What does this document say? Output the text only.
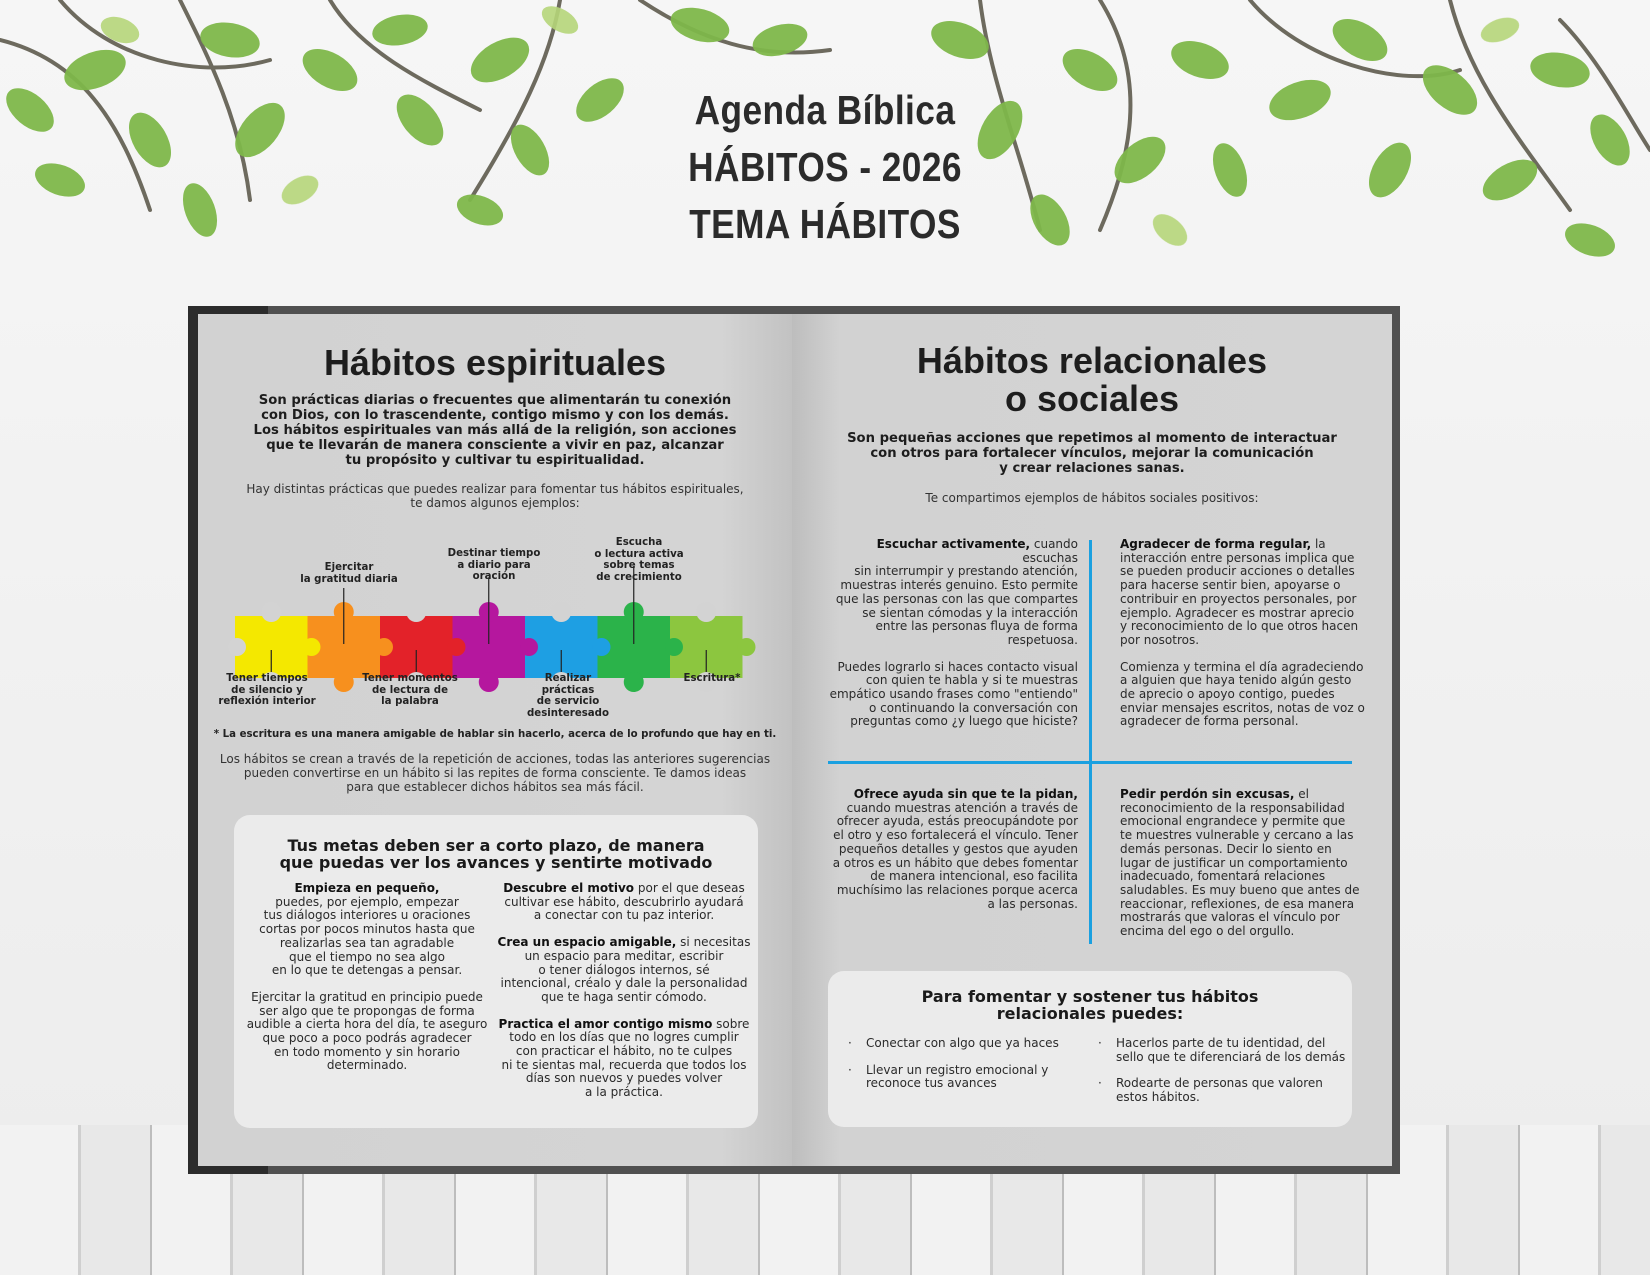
Agenda Bíblica
HÁBITOS - 2026
TEMA HÁBITOS
Hábitos espirituales
Son prácticas diarias o frecuentes que alimentarán tu conexión
con Dios, con lo trascendente, contigo mismo y con los demás.
Los hábitos espirituales van más allá de la religión, son acciones
que te llevarán de manera consciente a vivir en paz, alcanzar
tu propósito y cultivar tu espiritualidad.
Hay distintas prácticas que puedes realizar para fomentar tus hábitos espirituales,
te damos algunos ejemplos:
Ejercitar
la gratitud diaria
Destinar tiempo
a diario para
oración
Escucha
o lectura activa
sobre temas
de crecimiento
Tener tiempos
de silencio y
reflexión interior
Tener momentos
de lectura de
la palabra
Realizar
prácticas
de servicio
desinteresado
Escritura*
* La escritura es una manera amigable de hablar sin hacerlo, acerca de lo profundo que hay en ti.
Los hábitos se crean a través de la repetición de acciones, todas las anteriores sugerencias
pueden convertirse en un hábito si las repites de forma consciente. Te damos ideas
para que establecer dichos hábitos sea más fácil.
Tus metas deben ser a corto plazo, de manera
que puedas ver los avances y sentirte motivado

Empieza en pequeño,
puedes, por ejemplo, empezar
tus diálogos interiores u oraciones
cortas por pocos minutos hasta que
realizarlas sea tan agradable
que el tiempo no sea algo
en lo que te detengas a pensar.

Ejercitar la gratitud en principio puede
ser algo que te propongas de forma
audible a cierta hora del día, te aseguro
que poco a poco podrás agradecer
en todo momento y sin horario
determinado.

Descubre el motivo por el que deseas
cultivar ese hábito, descubrirlo ayudará
a conectar con tu paz interior.

Crea un espacio amigable, si necesitas
un espacio para meditar, escribir
o tener diálogos internos, sé
intencional, créalo y dale la personalidad
que te haga sentir cómodo.

Practica el amor contigo mismo sobre
todo en los días que no logres cumplir
con practicar el hábito, no te culpes
ni te sientas mal, recuerda que todos los
días son nuevos y puedes volver
a la práctica.

Hábitos relacionales
o sociales
Son pequeñas acciones que repetimos al momento de interactuar
con otros para fortalecer vínculos, mejorar la comunicación
y crear relaciones sanas.
Te compartimos ejemplos de hábitos sociales positivos:

Escuchar activamente, cuando escuchas
sin interrumpir y prestando atención,
muestras interés genuino. Esto permite
que las personas con las que compartes
se sientan cómodas y la interacción
entre las personas fluya de forma
respetuosa.

Puedes lograrlo si haces contacto visual
con quien te habla y si te muestras
empático usando frases como "entiendo"
o continuando la conversación con
preguntas como ¿y luego que hiciste?

Agradecer de forma regular, la
interacción entre personas implica que
se pueden producir acciones o detalles
para hacerse sentir bien, apoyarse o
contribuir en proyectos personales, por
ejemplo. Agradecer es mostrar aprecio
y reconocimiento de lo que otros hacen
por nosotros.

Comienza y termina el día agradeciendo
a alguien que haya tenido algún gesto
de aprecio o apoyo contigo, puedes
enviar mensajes escritos, notas de voz o
agradecer de forma personal.

Ofrece ayuda sin que te la pidan,
cuando muestras atención a través de
ofrecer ayuda, estás preocupándote por
el otro y eso fortalecerá el vínculo. Tener
pequeños detalles y gestos que ayuden
a otros es un hábito que debes fomentar
de manera intencional, eso facilita
muchísimo las relaciones porque acerca
a las personas.

Pedir perdón sin excusas, el
reconocimiento de la responsabilidad
emocional engrandece y permite que
te muestres vulnerable y cercano a las
demás personas. Decir lo siento en
lugar de justificar un comportamiento
inadecuado, fomentará relaciones
saludables. Es muy bueno que antes de
reaccionar, reflexiones, de esa manera
mostrarás que valoras el vínculo por
encima del ego o del orgullo.

Para fomentar y sostener tus hábitos
relacionales puedes:
· Conectar con algo que ya haces
· Llevar un registro emocional y
reconoce tus avances
· Hacerlos parte de tu identidad, del
sello que te diferenciará de los demás
· Rodearte de personas que valoren
estos hábitos.
